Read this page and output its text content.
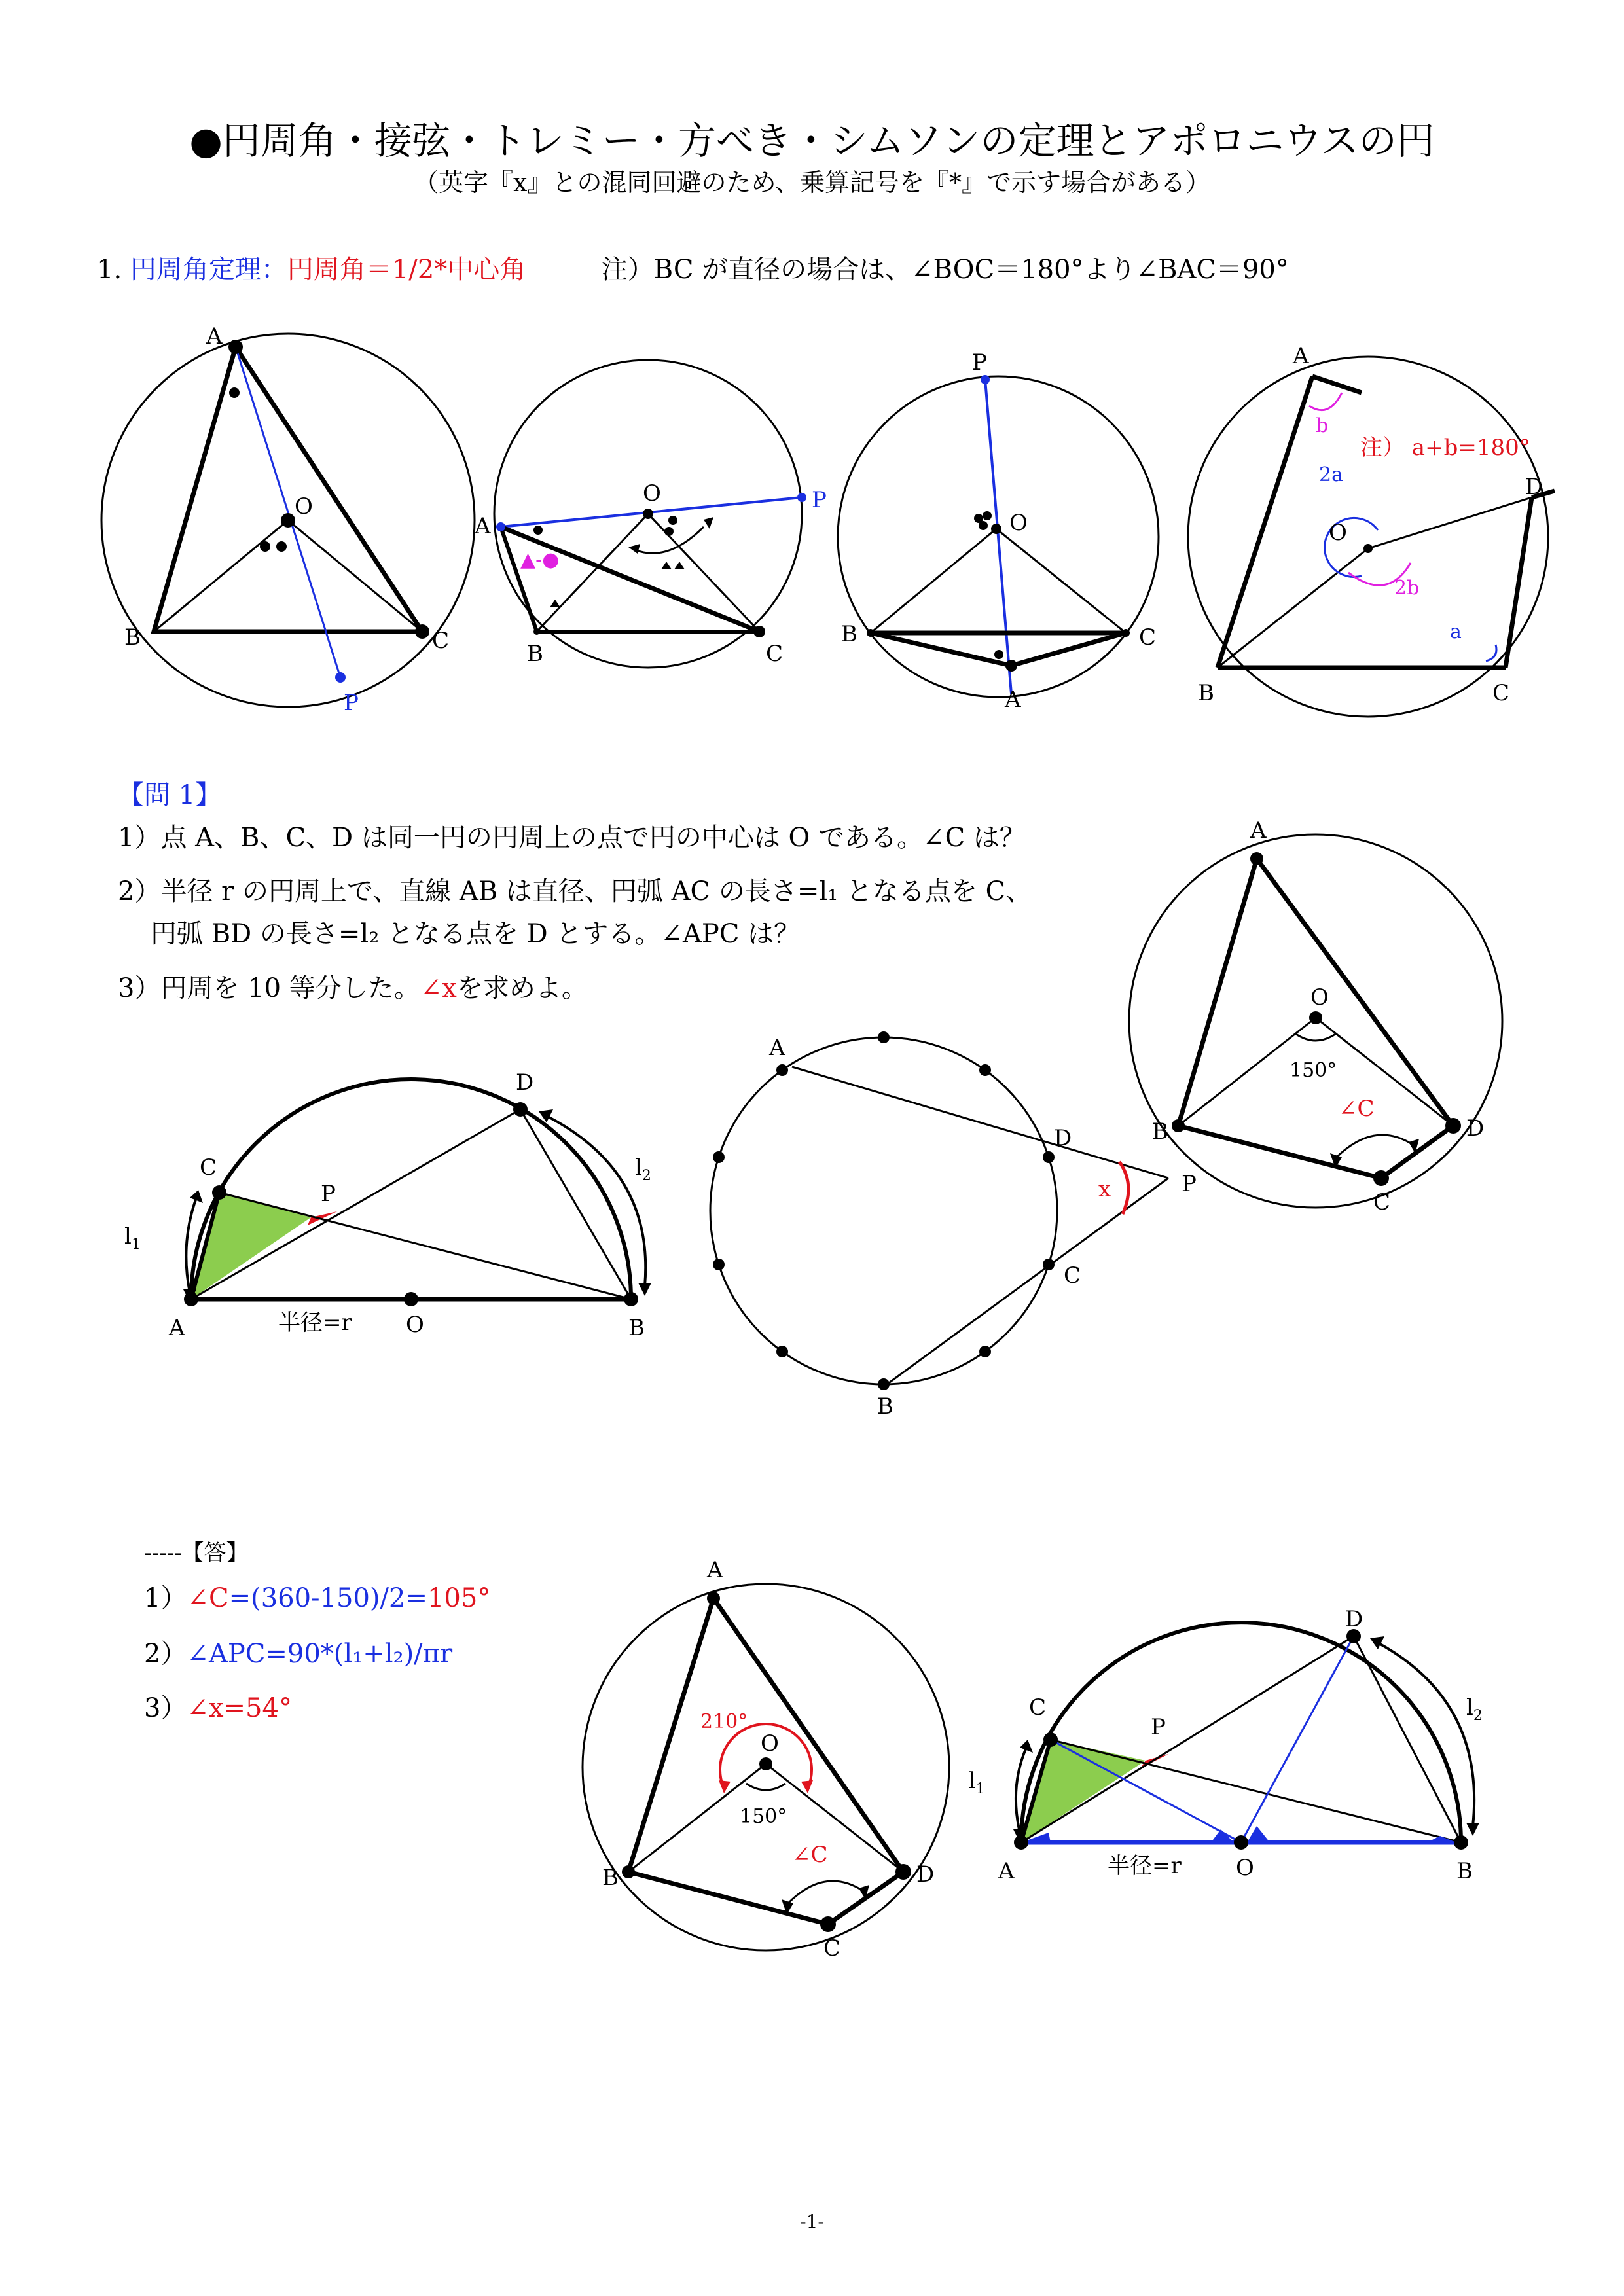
●円周角・接弦・トレミー・方べき・シムソンの定理とアポロニウスの円
（英字『x』との混同回避のため、乗算記号を『*』で示す場合がある）
1. 円周角定理：円周角＝1/2*中心角	注）BC が直径の場合は、∠BOC＝180°より∠BAC＝90°
A
O
B	C
P
▲-●
A
O	P
B	C
P
O
B	C
A
A
b
注） a+b=180°
D
2a
O
2b
a
B	C
【問 1】
1）点 A、B、C、D は同一円の円周上の点で円の中心は O である。∠C は？
2）半径 r の円周上で、直線 AB は直径、円弧 AC の長さ=l₁ となる点を C、
円弧 BD の長さ=l₂ となる点を D とする。∠APC は？
3）円周を 10 等分した。∠xを求めよ。
C
P
D
$l_1$
$l_2$
A	半径=r O	B
A
D
x	P
C
B
A
O
150°
∠C
B	D
C
-----【答】
1）∠C=(360-150)/2=105°
2）∠APC=90*(l₁+l₂)/πr
3）∠x=54°
A
210°
O
150°
∠C
B	D
C
C
P
D
$l_1$
$l_2$
A	半径=r O	B
-1-
